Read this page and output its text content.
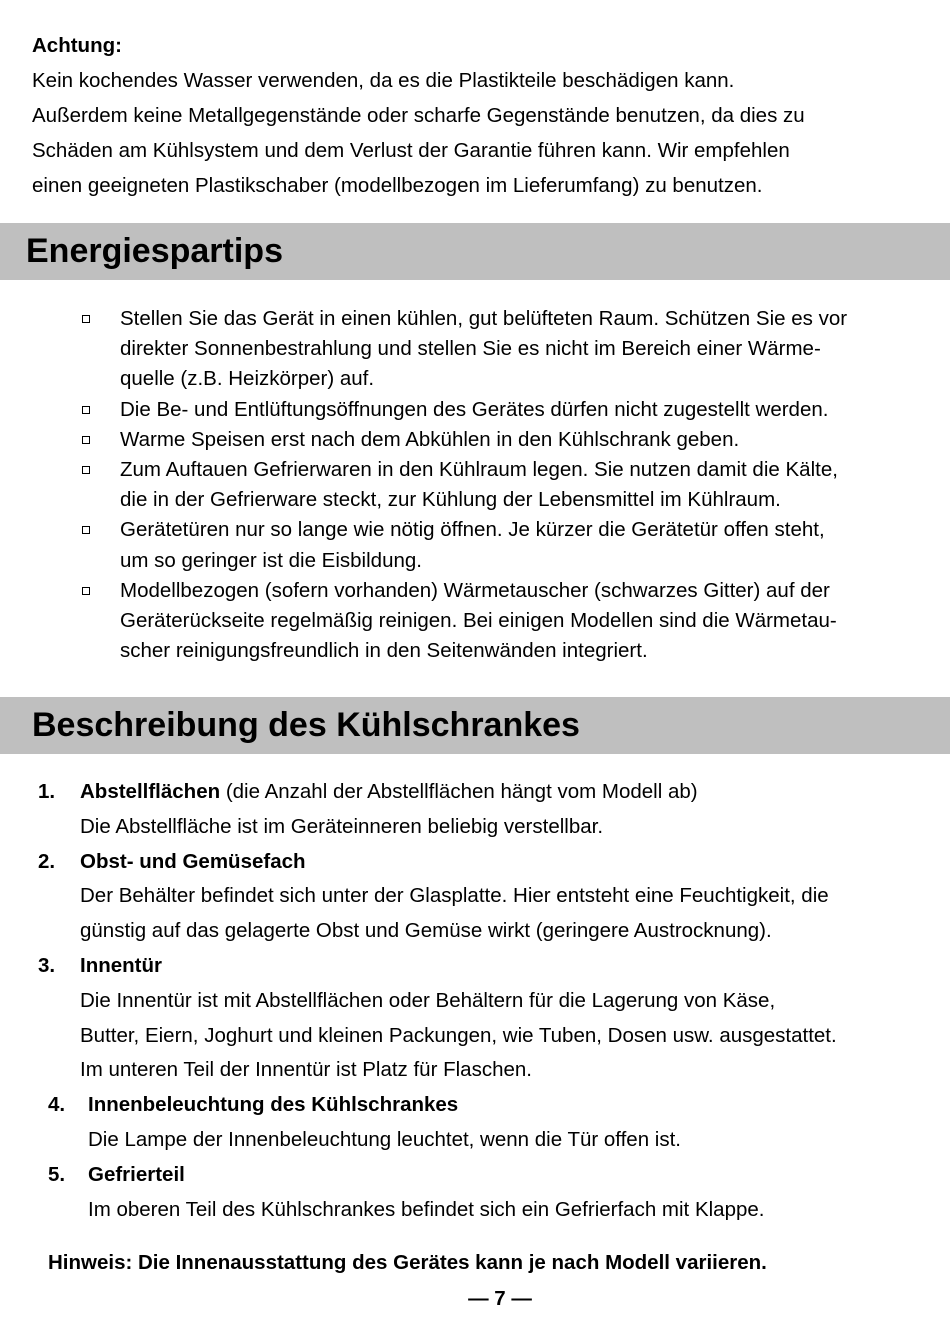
Achtung:
Kein kochendes Wasser verwenden, da es die Plastikteile beschädigen kann.
Außerdem keine Metallgegenstände oder scharfe Gegenstände benutzen, da dies zu
Schäden am Kühlsystem und dem Verlust der Garantie führen kann. Wir empfehlen
einen geeigneten Plastikschaber (modellbezogen im Lieferumfang) zu benutzen.
Energiespartips
Stellen Sie das Gerät in einen kühlen, gut belüfteten Raum. Schützen Sie es vor
direkter Sonnenbestrahlung und stellen Sie es nicht im Bereich einer Wärme-
quelle (z.B. Heizkörper) auf.
Die Be- und Entlüftungsöffnungen des Gerätes dürfen nicht zugestellt werden.
Warme Speisen erst nach dem Abkühlen in den Kühlschrank geben.
Zum Auftauen Gefrierwaren in den Kühlraum legen. Sie nutzen damit die Kälte,
die in der Gefrierware steckt, zur Kühlung der Lebensmittel im Kühlraum.
Gerätetüren nur so lange wie nötig öffnen. Je kürzer die Gerätetür offen steht,
um so geringer ist die Eisbildung.
Modellbezogen (sofern vorhanden) Wärmetauscher (schwarzes Gitter) auf der
Geräterückseite regelmäßig reinigen. Bei einigen Modellen sind die Wärmetau-
scher reinigungsfreundlich in den Seitenwänden integriert.
Beschreibung des Kühlschrankes
1. Abstellflächen (die Anzahl der Abstellflächen hängt vom Modell ab)
Die Abstellfläche ist im Geräteinneren beliebig verstellbar.
2. Obst- und Gemüsefach
Der Behälter befindet sich unter der Glasplatte. Hier entsteht eine Feuchtigkeit, die
günstig auf das gelagerte Obst und Gemüse wirkt (geringere Austrocknung).
3. Innentür
Die Innentür ist mit Abstellflächen oder Behältern für die Lagerung von Käse,
Butter, Eiern, Joghurt und kleinen Packungen, wie Tuben, Dosen usw. ausgestattet.
Im unteren Teil der Innentür ist Platz für Flaschen.
4. Innenbeleuchtung des Kühlschrankes
Die Lampe der Innenbeleuchtung leuchtet, wenn die Tür offen ist.
5. Gefrierteil
Im oberen Teil des Kühlschrankes befindet sich ein Gefrierfach mit Klappe.
Hinweis: Die Innenausstattung des Gerätes kann je nach Modell variieren.
— 7 —
